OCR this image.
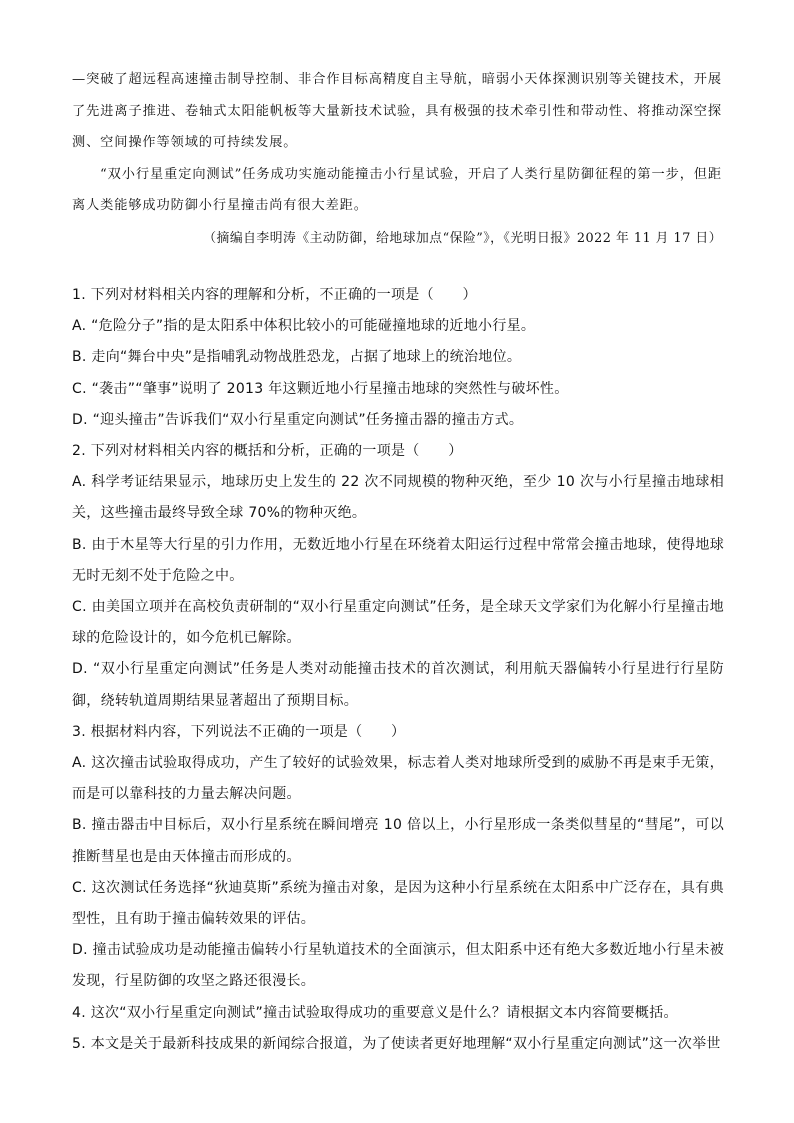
—突破了超远程高速撞击制导控制、非合作目标高精度自主导航，暗弱小天体探测识别等关键技术，开展了先进离子推进、卷轴式太阳能帆板等大量新技术试验，具有极强的技术牵引性和带动性、将推动深空探测、空间操作等领域的可持续发展。

“双小行星重定向测试”任务成功实施动能撞击小行星试验，开启了人类行星防御征程的第一步，但距离人类能够成功防御小行星撞击尚有很大差距。

（摘编自李明涛《主动防御，给地球加点“保险”》，《光明日报》2022 年 11 月 17 日）

1. 下列对材料相关内容的理解和分析，不正确的一项是（　　）

A. “危险分子”指的是太阳系中体积比较小的可能碰撞地球的近地小行星。

B. 走向“舞台中央”是指哺乳动物战胜恐龙，占据了地球上的统治地位。

C. “袭击”“肇事”说明了 2013 年这颗近地小行星撞击地球的突然性与破坏性。

D. “迎头撞击”告诉我们“双小行星重定向测试”任务撞击器的撞击方式。

2. 下列对材料相关内容的概括和分析，正确的一项是（　　）

A. 科学考证结果显示，地球历史上发生的 22 次不同规模的物种灭绝，至少 10 次与小行星撞击地球相关，这些撞击最终导致全球 70%的物种灭绝。

B. 由于木星等大行星的引力作用，无数近地小行星在环绕着太阳运行过程中常常会撞击地球，使得地球无时无刻不处于危险之中。

C. 由美国立项并在高校负责研制的“双小行星重定向测试”任务，是全球天文学家们为化解小行星撞击地球的危险设计的，如今危机已解除。

D. “双小行星重定向测试”任务是人类对动能撞击技术的首次测试，利用航天器偏转小行星进行行星防御，绕转轨道周期结果显著超出了预期目标。

3. 根据材料内容，下列说法不正确的一项是（　　）

A. 这次撞击试验取得成功，产生了较好的试验效果，标志着人类对地球所受到的威胁不再是束手无策，而是可以靠科技的力量去解决问题。

B. 撞击器击中目标后，双小行星系统在瞬间增亮 10 倍以上，小行星形成一条类似彗星的“彗尾”，可以推断彗星也是由天体撞击而形成的。

C. 这次测试任务选择“狄迪莫斯”系统为撞击对象，是因为这种小行星系统在太阳系中广泛存在，具有典型性，且有助于撞击偏转效果的评估。

D. 撞击试验成功是动能撞击偏转小行星轨道技术的全面演示，但太阳系中还有绝大多数近地小行星未被发现，行星防御的攻坚之路还很漫长。

4. 这次“双小行星重定向测试”撞击试验取得成功的重要意义是什么？请根据文本内容简要概括。

5. 本文是关于最新科技成果的新闻综合报道，为了使读者更好地理解“双小行星重定向测试”这一次举世
